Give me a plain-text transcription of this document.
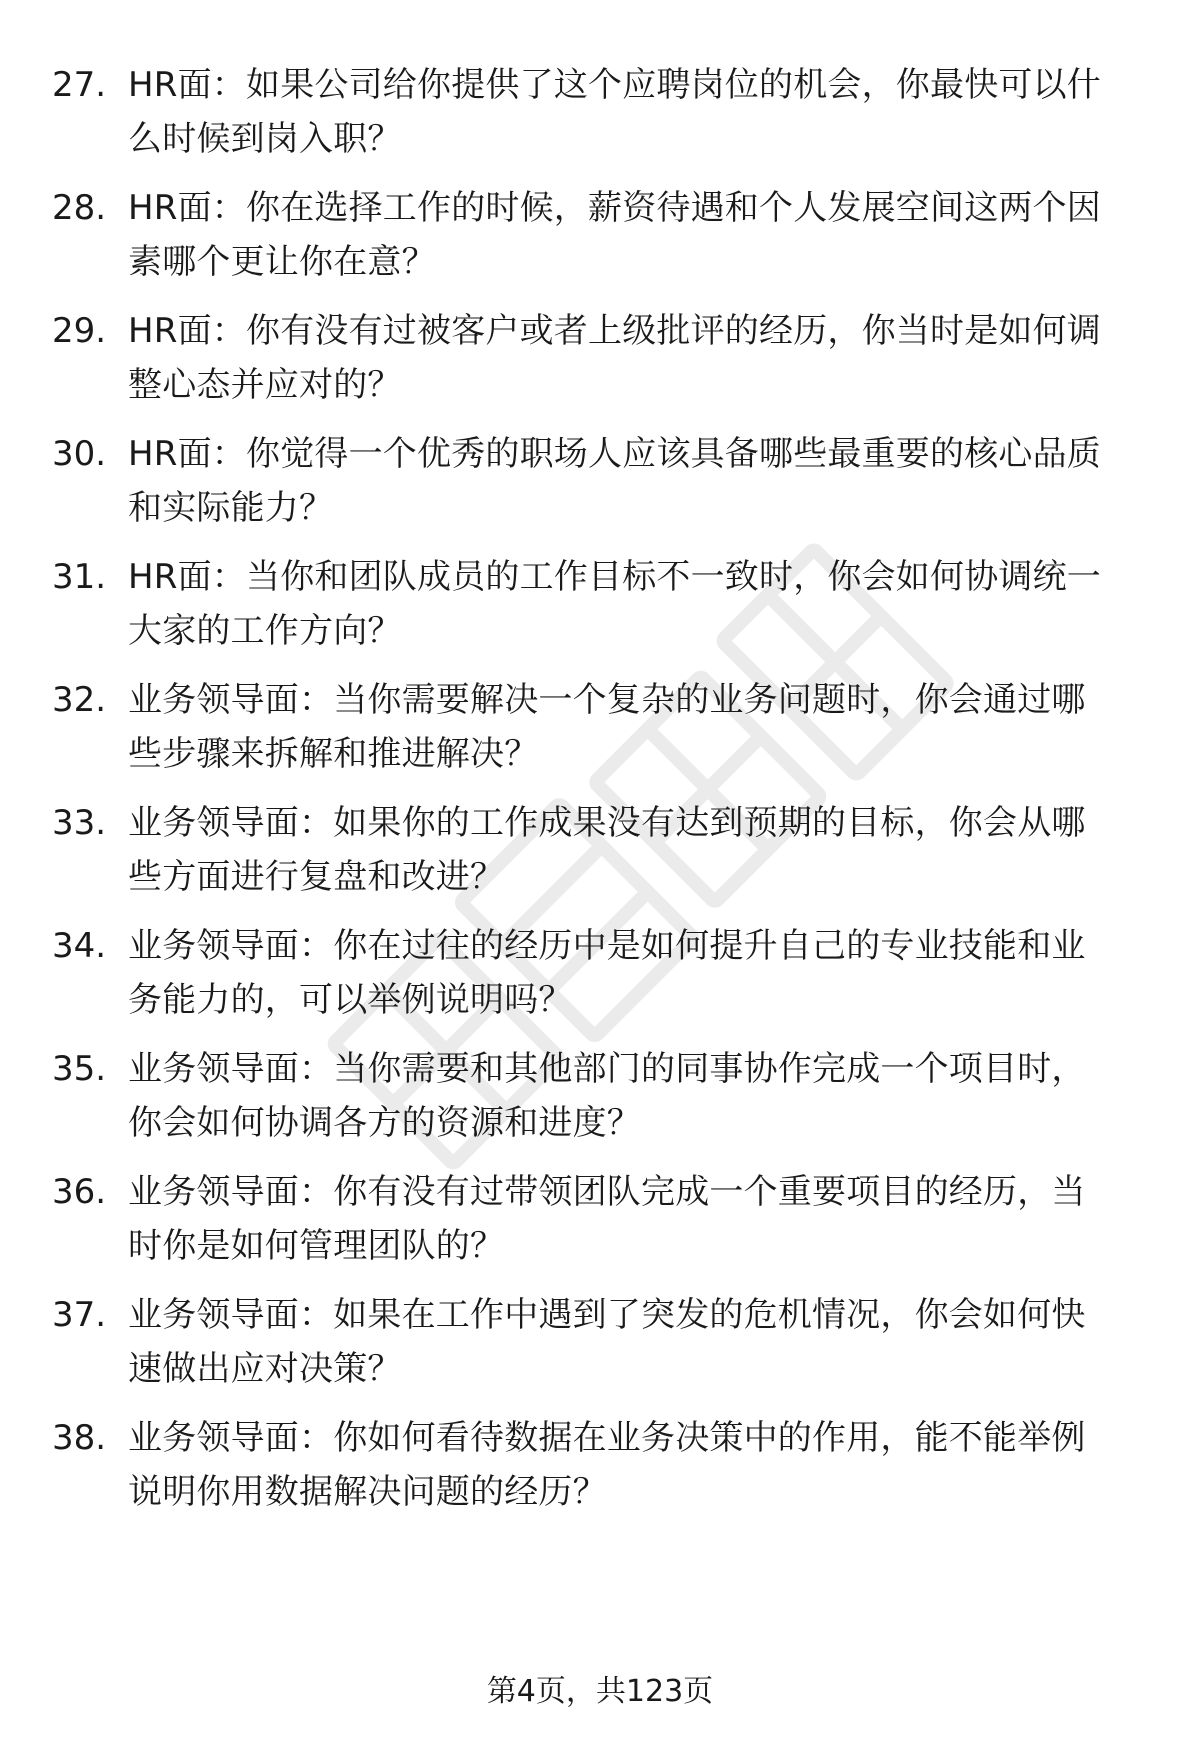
27. HR面：如果公司给你提供了这个应聘岗位的机会，你最快可以什
么时候到岗入职？
28. HR面：你在选择工作的时候，薪资待遇和个人发展空间这两个因
素哪个更让你在意？
29. HR面：你有没有过被客户或者上级批评的经历，你当时是如何调
整心态并应对的？
30. HR面：你觉得一个优秀的职场人应该具备哪些最重要的核心品质
和实际能力？
31. HR面：当你和团队成员的工作目标不一致时，你会如何协调统一
大家的工作方向？
32. 业务领导面：当你需要解决一个复杂的业务问题时，你会通过哪
些步骤来拆解和推进解决？
33. 业务领导面：如果你的工作成果没有达到预期的目标，你会从哪
些方面进行复盘和改进？
34. 业务领导面：你在过往的经历中是如何提升自己的专业技能和业
务能力的，可以举例说明吗？
35. 业务领导面：当你需要和其他部门的同事协作完成一个项目时，
你会如何协调各方的资源和进度？
36. 业务领导面：你有没有过带领团队完成一个重要项目的经历，当
时你是如何管理团队的？
37. 业务领导面：如果在工作中遇到了突发的危机情况，你会如何快
速做出应对决策？
38. 业务领导面：你如何看待数据在业务决策中的作用，能不能举例
说明你用数据解决问题的经历？
第4页，共123页
